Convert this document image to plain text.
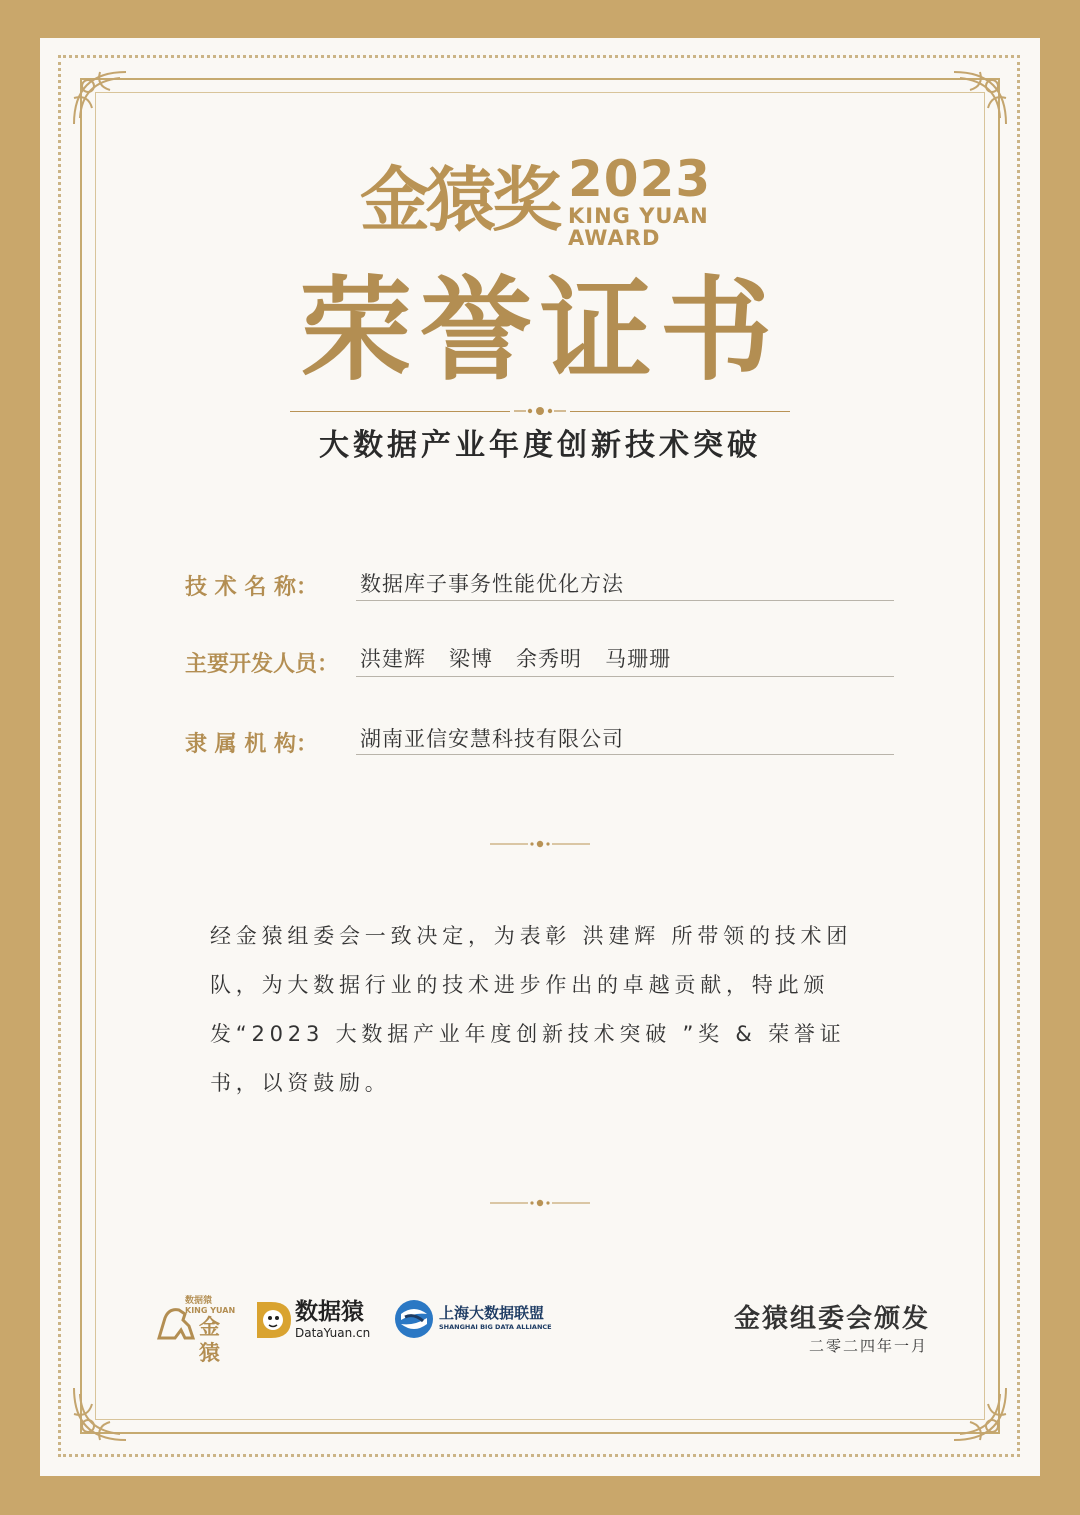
金猿奖 2023
KING YUAN
AWARD
荣誉证书
大数据产业年度创新技术突破
技 术 名 称：	数据库子事务性能优化方法
主要开发人员： 洪建辉   梁博   余秀明   马珊珊
隶 属 机 构：	湖南亚信安慧科技有限公司
经金猿组委会一致决定，为表彰 洪建辉 所带领的技术团队，为大数据行业的技术进步作出的卓越贡献，特此颁发“2023 大数据产业年度创新技术突破 ”奖 & 荣誉证书，以资鼓励。
数据猿
KING YUAN
金猿
数据猿
DataYuan.cn
上海大数据联盟
SHANGHAI BIG DATA ALLIANCE	金猿组委会颁发
二零二四年一月
